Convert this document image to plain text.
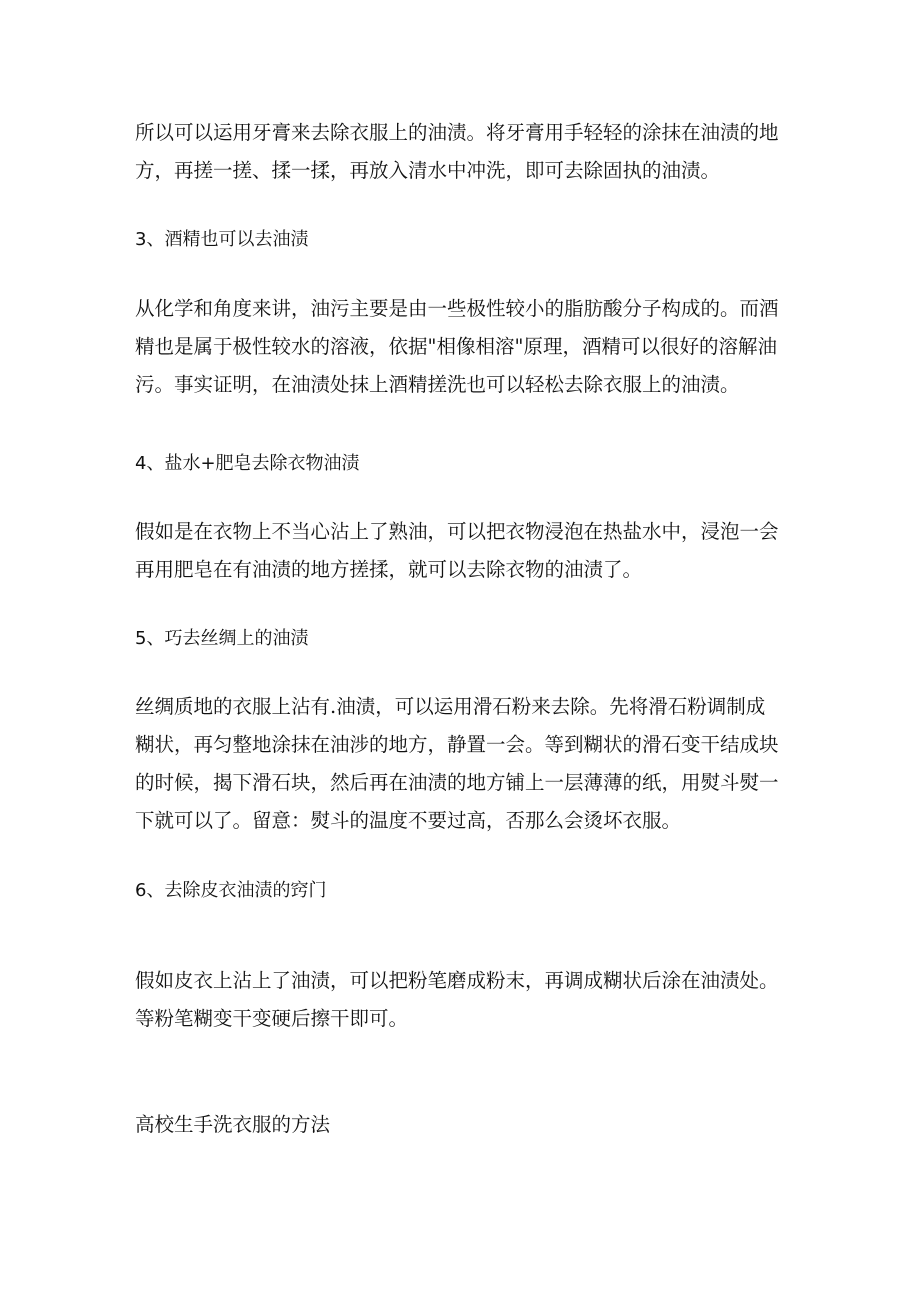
所以可以运用牙膏来去除衣服上的油渍。将牙膏用手轻轻的涂抹在油渍的地
方，再搓一搓、揉一揉，再放入清水中冲洗，即可去除固执的油渍。

3、酒精也可以去油渍

从化学和角度来讲，油污主要是由一些极性较小的脂肪酸分子构成的。而酒
精也是属于极性较水的溶液，依据"相像相溶"原理，酒精可以很好的溶解油
污。事实证明，在油渍处抹上酒精搓洗也可以轻松去除衣服上的油渍。

4、盐水+肥皂去除衣物油渍

假如是在衣物上不当心沾上了熟油，可以把衣物浸泡在热盐水中，浸泡一会
再用肥皂在有油渍的地方搓揉，就可以去除衣物的油渍了。

5、巧去丝绸上的油渍

丝绸质地的衣服上沾有.油渍，可以运用滑石粉来去除。先将滑石粉调制成
糊状，再匀整地涂抹在油涉的地方，静置一会。等到糊状的滑石变干结成块
的时候，揭下滑石块，然后再在油渍的地方铺上一层薄薄的纸，用熨斗熨一
下就可以了。留意：熨斗的温度不要过高，否那么会烫坏衣服。

6、去除皮衣油渍的窍门

假如皮衣上沾上了油渍，可以把粉笔磨成粉末，再调成糊状后涂在油渍处。
等粉笔糊变干变硬后擦干即可。

高校生手洗衣服的方法
